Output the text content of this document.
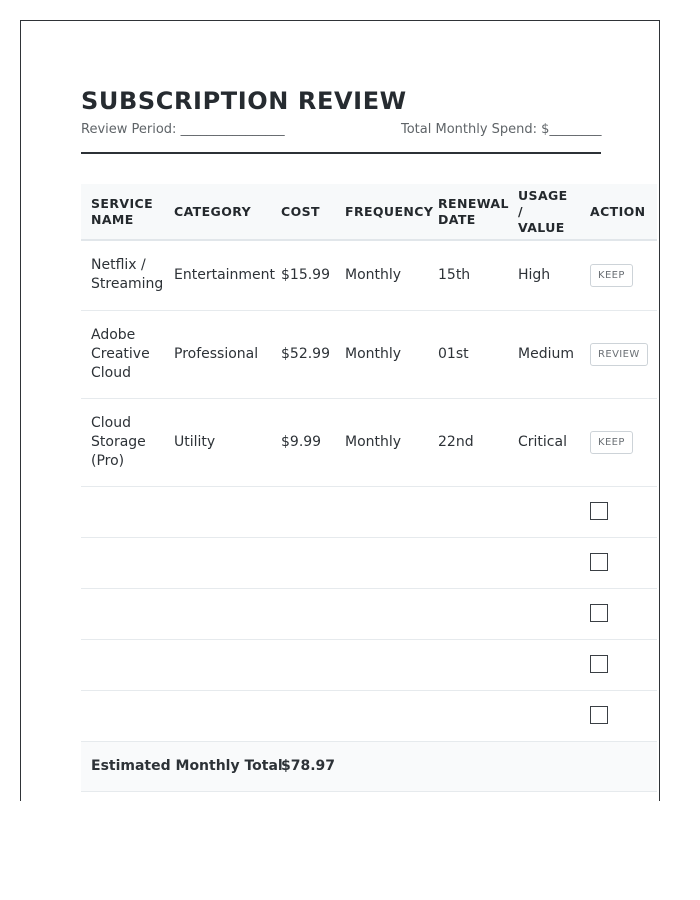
SUBSCRIPTION REVIEW
Review Period: ________________	Total Monthly Spend: $________
SERVICE NAME	CATEGORY	COST	FREQUENCY	RENEWAL DATE	USAGE / VALUE	ACTION
Netflix / Streaming	Entertainment	$15.99	Monthly	15th	High	KEEP
Adobe Creative Cloud	Professional	$52.99	Monthly	01st	Medium	REVIEW
Cloud Storage (Pro)	Utility	$9.99	Monthly	22nd	Critical	KEEP

Estimated Monthly Total		$78.97				
